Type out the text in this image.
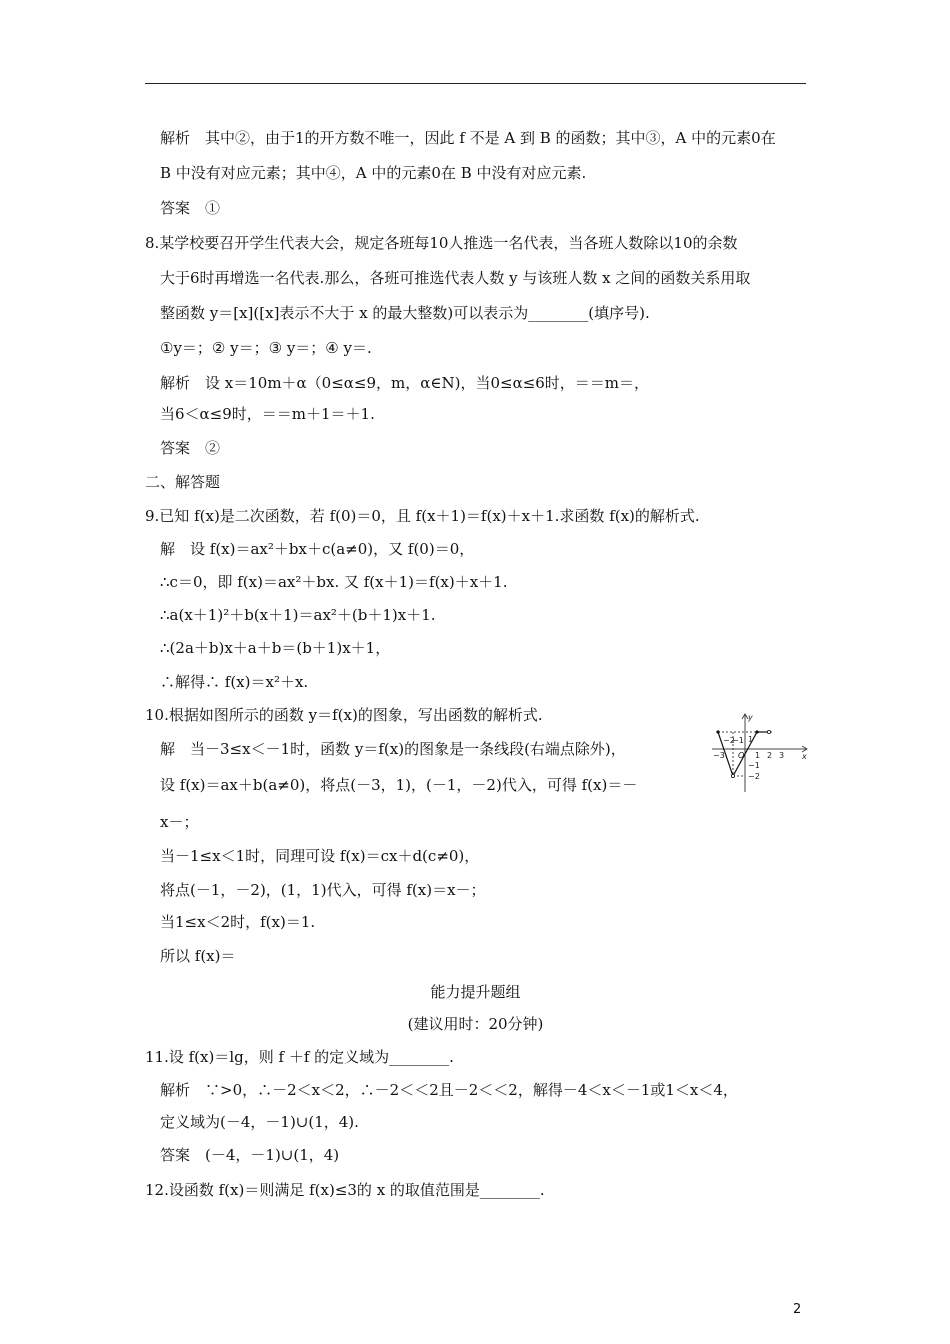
解析　其中②，由于1的开方数不唯一，因此 f 不是 A 到 B 的函数；其中③，A 中的元素0在
B 中没有对应元素；其中④，A 中的元素0在 B 中没有对应元素.
答案　①
8.某学校要召开学生代表大会，规定各班每10人推选一名代表，当各班人数除以10的余数
大于6时再增选一名代表.那么，各班可推选代表人数 y 与该班人数 x 之间的函数关系用取
整函数 y＝[x]([x]表示不大于 x 的最大整数)可以表示为________(填序号).
①y＝；② y＝；③ y＝；④ y＝.
解析　设 x＝10m＋α（0≤α≤9，m，α∈N)，当0≤α≤6时，＝＝m＝，
当6＜α≤9时，＝＝m＋1＝＋1.
答案　②
二、解答题
9.已知 f(x)是二次函数，若 f(0)＝0，且 f(x＋1)＝f(x)＋x＋1.求函数 f(x)的解析式.
解　设 f(x)＝ax²＋bx＋c(a≠0)，又 f(0)＝0，
∴c＝0，即 f(x)＝ax²＋bx. 又 f(x＋1)＝f(x)＋x＋1.
∴a(x＋1)²＋b(x＋1)＝ax²＋(b＋1)x＋1.
∴(2a＋b)x＋a＋b＝(b＋1)x＋1，
∴解得∴ f(x)＝x²＋x.
10.根据如图所示的函数 y＝f(x)的图象，写出函数的解析式.
解　当－3≤x＜－1时，函数 y＝f(x)的图象是一条线段(右端点除外)，
设 f(x)＝ax＋b(a≠0)，将点(－3，1)，(－1，－2)代入，可得 f(x)＝－
x－；
当－1≤x＜1时，同理可设 f(x)＝cx＋d(c≠0)，
将点(－1，－2)，(1，1)代入，可得 f(x)＝x－；
当1≤x＜2时，f(x)＝1.
所以 f(x)＝
能力提升题组
(建议用时：20分钟)
11.设 f(x)＝lg，则 f ＋f 的定义域为________.
解析　∵>0，∴－2＜x＜2，∴－2＜＜2且－2＜＜2，解得－4＜x＜－1或1＜x＜4，
定义域为(－4，－1)∪(1，4).
答案　(－4，－1)∪(1，4)
12.设函数 f(x)＝则满足 f(x)≤3的 x 的取值范围是________.
y
x
O
−3
−2
−1
1 2 3
1
−1
−2
2
